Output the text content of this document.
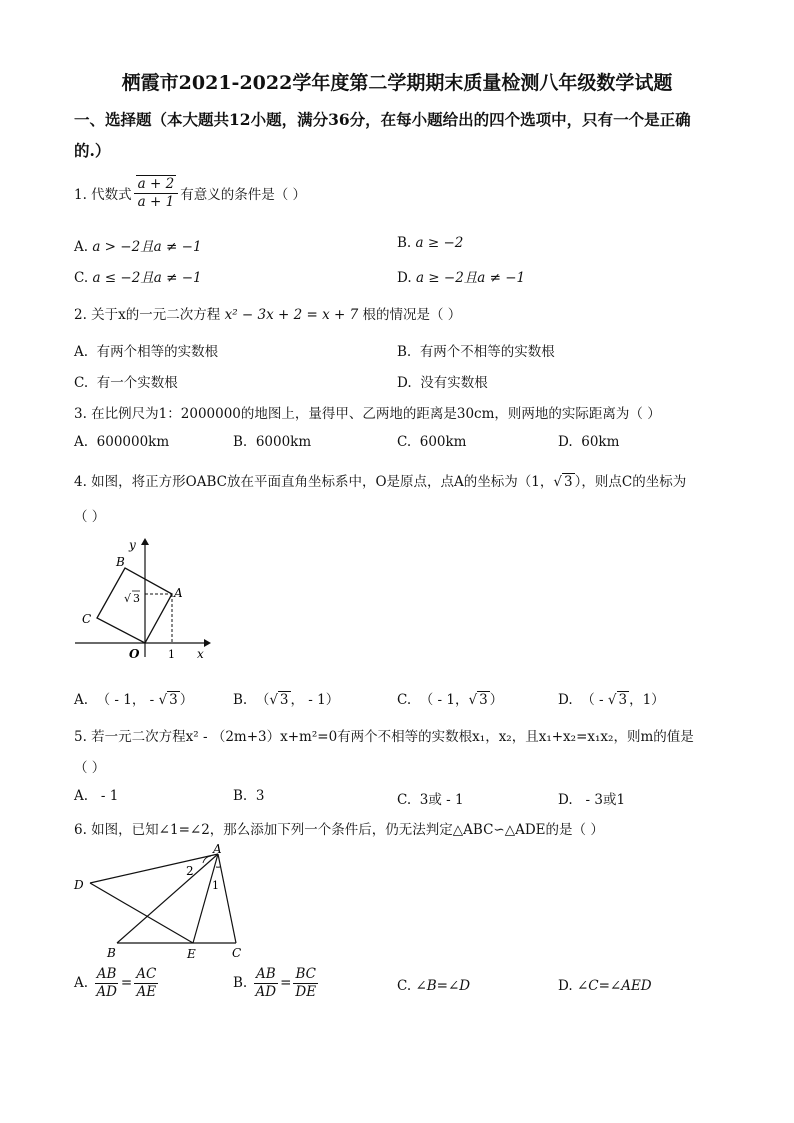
栖霞市2021-2022学年度第二学期期末质量检测八年级数学试题
一、选择题（本大题共12小题，满分36分，在每小题给出的四个选项中，只有一个是正确
的.）
1. 代数式 $\frac{a + 2}{a + 1}$ 有意义的条件是（ ）
A. a > −2且a ≠ −1	B. a ≥ −2
C. a ≤ −2且a ≠ −1	D. a ≥ −2且a ≠ −1
2. 关于x的一元二次方程 x² − 3x + 2 = x + 7 根的情况是（ ）
A. 有两个相等的实数根	B. 有两个不相等的实数根
C. 有一个实数根	D. 没有实数根
3. 在比例尺为1：2000000的地图上，量得甲、乙两地的距离是30cm，则两地的实际距离为（ ）
A. 600000km	B. 6000km	C. 600km	D. 60km
4. 如图，将正方形OABC放在平面直角坐标系中，O是原点，点A的坐标为（1，√ 3 ），则点C的坐标为
（ ）
y
x
B
A
C
O	1
√ 3
A. （ - 1， - √ 3 ）	B. （√ 3 ， - 1）	C. （ - 1，√ 3 ）	D. （ - √ 3 ，1）
5. 若一元二次方程x² - （2m+3）x+m²=0有两个不相等的实数根x₁，x₂，且x₁+x₂=x₁x₂，则m的值是
（ ）
A.   - 1	B. 3	C. 3或 - 1	D.   - 3或1
6. 如图，已知∠1=∠2，那么添加下列一个条件后，仍无法判定△ABC∽△ADE的是（ ）
A
D
B	E	C
2
1
A.
$\frac{AB}{AD} = \frac{AC}{AE}$	B.
$\frac{AB}{AD} = \frac{BC}{DE}$	C. ∠B=∠D	D. ∠C=∠AED
